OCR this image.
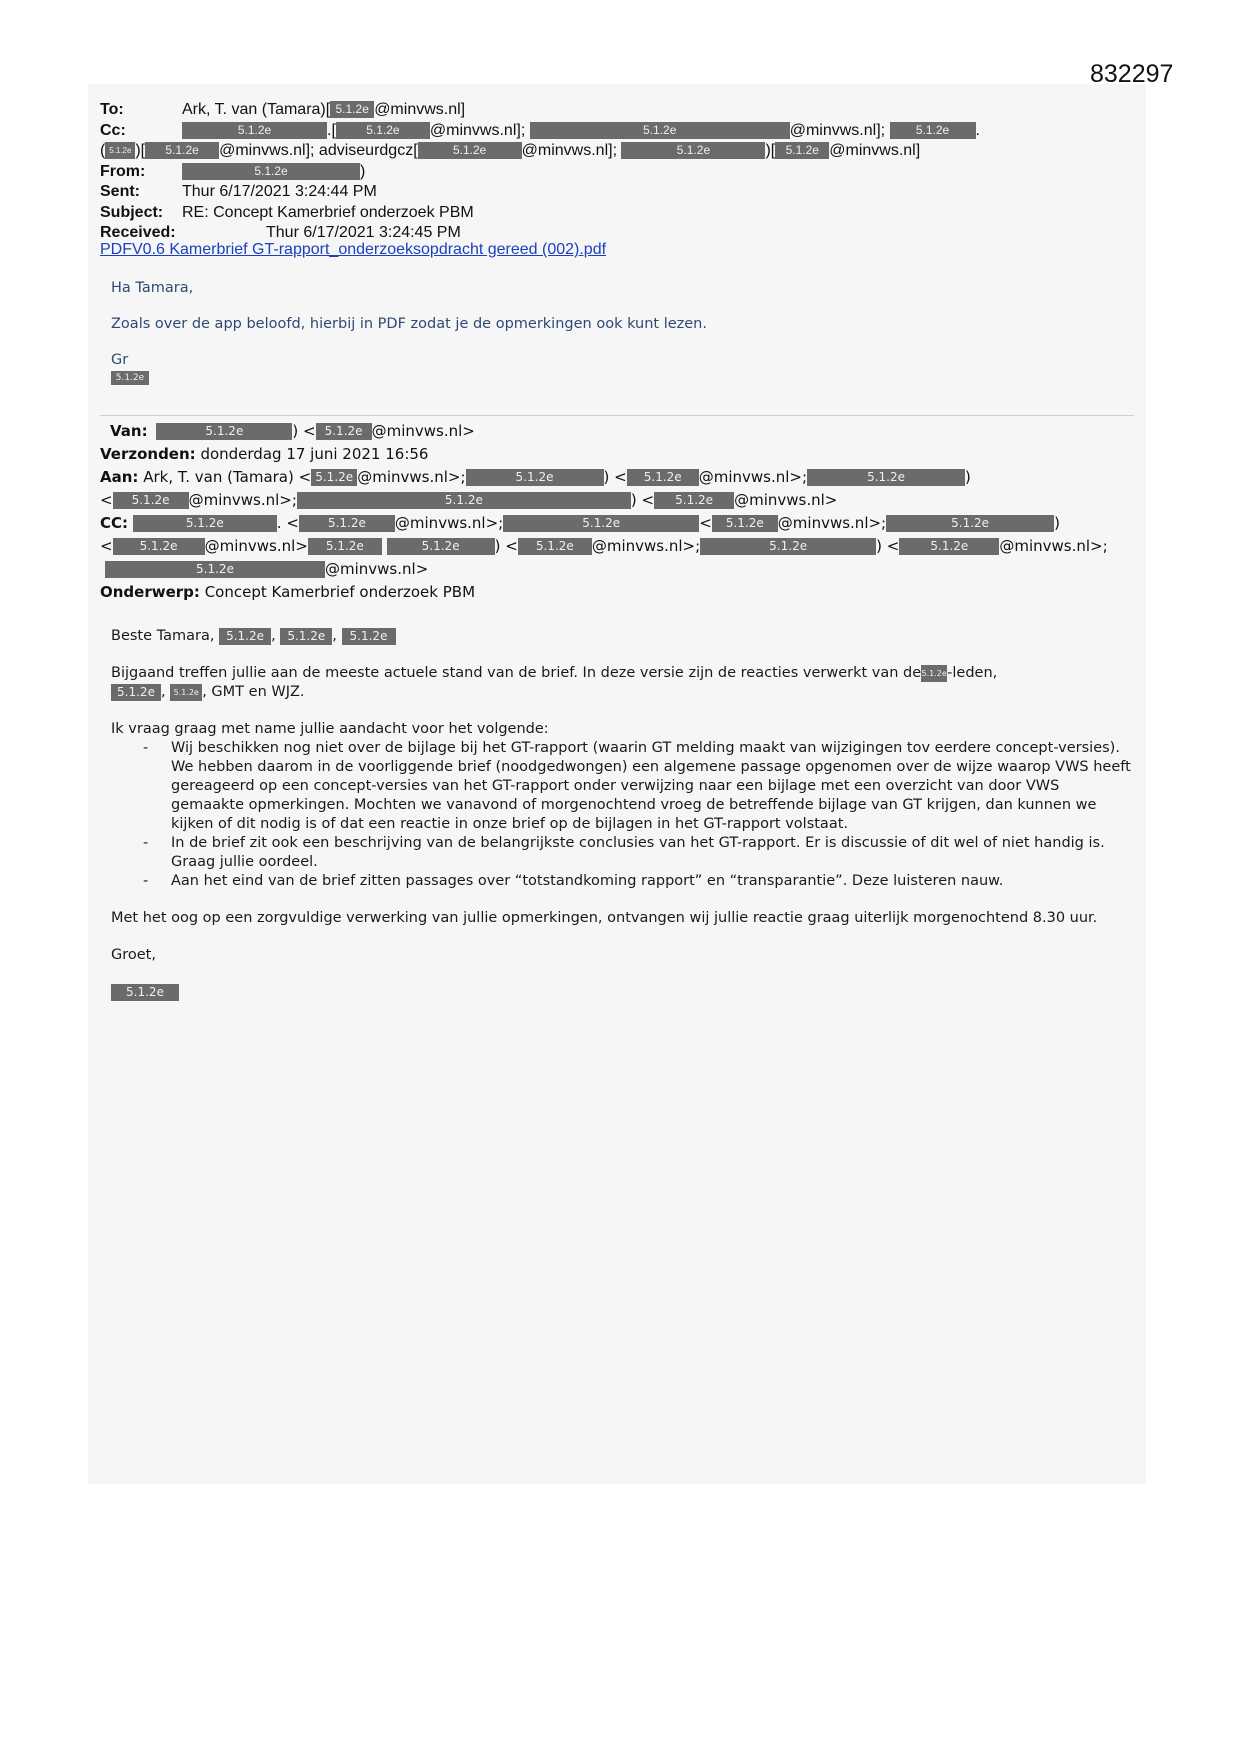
832297
To:	Ark, T. van (Tamara)[ 5.1.2e @minvws.nl]
Cc:	5.1.2e	.[	5.1.2e @minvws.nl];	5.1.2e	@minvws.nl];	5.1.2e .
( 5.1.2e )[ 5.1.2e @minvws.nl]; adviseurdgcz[	5.1.2e @minvws.nl];	5.1.2e	)[ 5.1.2e @minvws.nl]
From:	5.1.2e	)
Sent:	Thur 6/17/2021 3:24:44 PM
Subject: RE: Concept Kamerbrief onderzoek PBM
Received:	Thur 6/17/2021 3:24:45 PM
PDFV0.6 Kamerbrief GT-rapport_onderzoeksopdracht gereed (002).pdf

Ha Tamara,

Zoals over de app beloofd, hierbij in PDF zodat je de opmerkingen ook kunt lezen.

Gr

5.1.2e

Van:	5.1.2e	) < 5.1.2e @minvws.nl>
Verzonden: donderdag 17 juni 2021 16:56
Aan: Ark, T. van (Tamara) < 5.1.2e @minvws.nl>;	5.1.2e	) < 5.1.2e @minvws.nl>;	5.1.2e	)
< 5.1.2e @minvws.nl>;	5.1.2e	) < 5.1.2e @minvws.nl>
CC:	5.1.2e	. < 5.1.2e @minvws.nl>;	5.1.2e	< 5.1.2e @minvws.nl>;	5.1.2e	)
< 5.1.2e @minvws.nl> 5.1.2e	5.1.2e ) < 5.1.2e @minvws.nl>;	5.1.2e	) <	5.1.2e @minvws.nl>;
5.1.2e	@minvws.nl>
Onderwerp: Concept Kamerbrief onderzoek PBM

Beste Tamara, 5.1.2e , 5.1.2e , 5.1.2e

Bijgaand treffen jullie aan de meeste actuele stand van de brief. In deze versie zijn de reacties verwerkt van de5.1.2e-leden,
5.1.2e , 5.1.2e , GMT en WJZ.

Ik vraag graag met name jullie aandacht voor het volgende:

- Wij beschikken nog niet over de bijlage bij het GT-rapport (waarin GT melding maakt van wijzigingen tov eerdere concept-versies). We hebben daarom in de voorliggende brief (noodgedwongen) een algemene passage opgenomen over de wijze waarop VWS heeft gereageerd op een concept-versies van het GT-rapport onder verwijzing naar een bijlage met een overzicht van door VWS gemaakte opmerkingen. Mochten we vanavond of morgenochtend vroeg de betreffende bijlage van GT krijgen, dan kunnen we kijken of dit nodig is of dat een reactie in onze brief op de bijlagen in het GT-rapport volstaat.
- In de brief zit ook een beschrijving van de belangrijkste conclusies van het GT-rapport. Er is discussie of dit wel of niet handig is. Graag jullie oordeel.
- Aan het eind van de brief zitten passages over “totstandkoming rapport” en “transparantie”. Deze luisteren nauw.

Met het oog op een zorgvuldige verwerking van jullie opmerkingen, ontvangen wij jullie reactie graag uiterlijk morgenochtend 8.30 uur.

Groet,

5.1.2e
